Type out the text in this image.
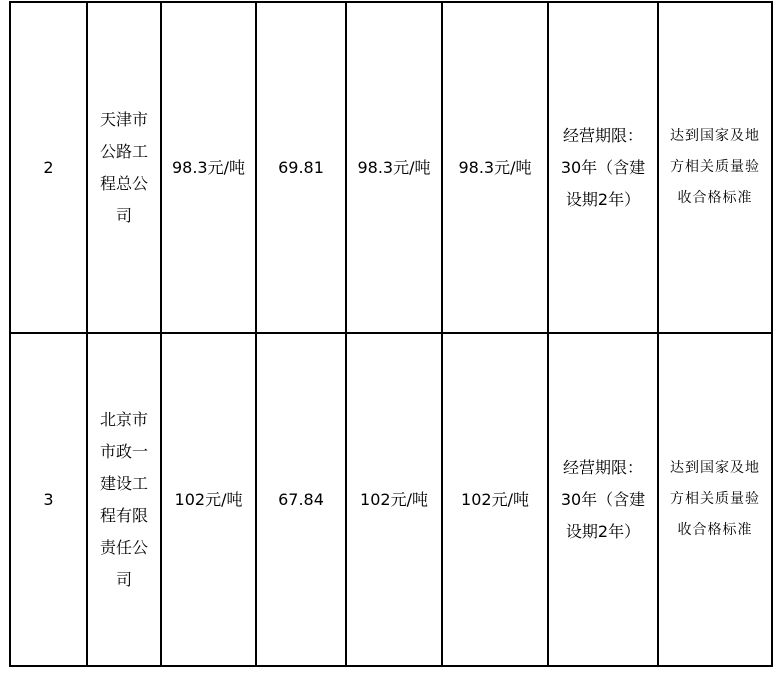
2	天津市公路工程总公司	98.3元/吨	69.81	98.3元/吨	98.3元/吨	经营期限：30年（含建设期2年）	达到国家及地方相关质量验收合格标准

3	北京市市政一建设工程有限责任公司	102元/吨	67.84	102元/吨	102元/吨	经营期限：30年（含建设期2年）	达到国家及地方相关质量验收合格标准
